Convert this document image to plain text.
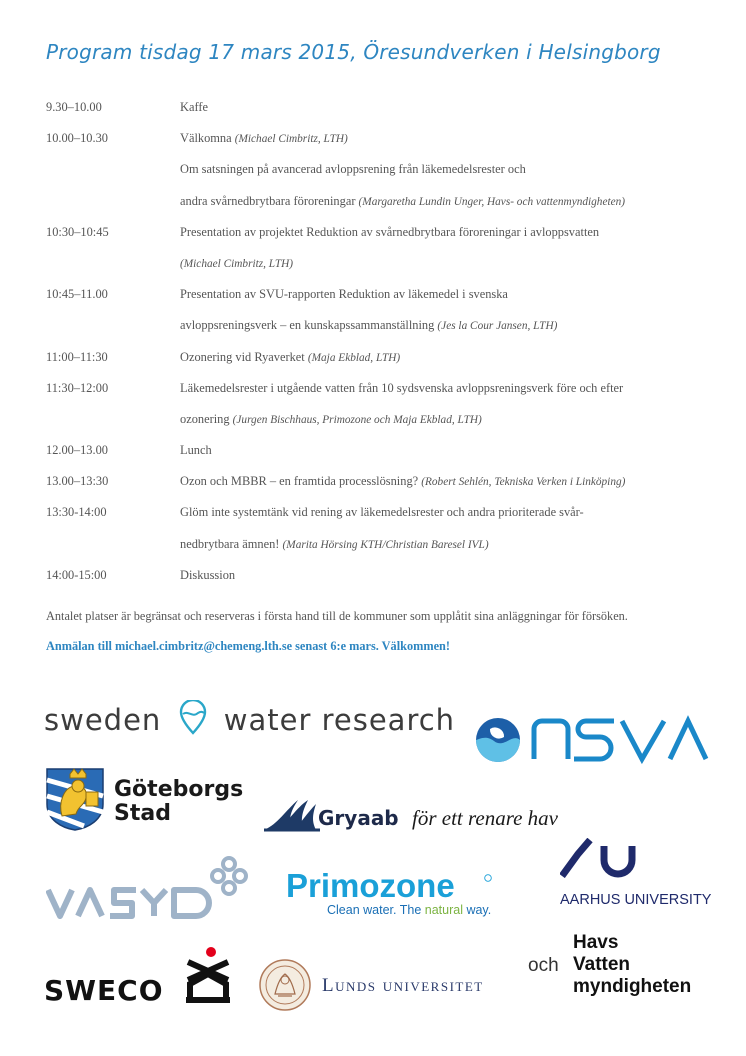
Program tisdag 17 mars 2015, Öresundverken i Helsingborg
9.30–10.00	Kaffe
10.00–10.30	Välkomna (Michael Cimbritz, LTH)
Om satsningen på avancerad avloppsrening från läkemedelsrester och
andra svårnedbrytbara föroreningar (Margaretha Lundin Unger, Havs- och vattenmyndigheten)
10:30–10:45	Presentation av projektet Reduktion av svårnedbrytbara föroreningar i avloppsvatten
(Michael Cimbritz, LTH)
10:45–11.00	Presentation av SVU-rapporten Reduktion av läkemedel i svenska
avloppsreningsverk – en kunskapssammanställning (Jes la Cour Jansen, LTH)
11:00–11:30	Ozonering vid Ryaverket (Maja Ekblad, LTH)
11:30–12:00	Läkemedelsrester i utgående vatten från 10 sydsvenska avloppsreningsverk före och efter
ozonering (Jurgen Bischhaus, Primozone och Maja Ekblad, LTH)
12.00–13.00	Lunch
13.00–13:30	Ozon och MBBR – en framtida processlösning? (Robert Sehlén, Tekniska Verken i Linköping)
13:30-14:00	Glöm inte systemtänk vid rening av läkemedelsrester och andra prioriterade svår-
nedbrytbara ämnen! (Marita Hörsing KTH/Christian Baresel IVL)
14:00-15:00	Diskussion
Antalet platser är begränsat och reserveras i första hand till de kommuner som upplåtit sina anläggningar för försöken.
Anmälan till michael.cimbritz@chemeng.lth.se senast 6:e mars. Välkommen!
sweden water research
Göteborgs
Stad	Gryaab för ett renare hav
Primozone
Clean water. The natural way.
AARHUS UNIVERSITY
SWECO	Lunds universitet
och
Havs
Vatten
myndigheten
